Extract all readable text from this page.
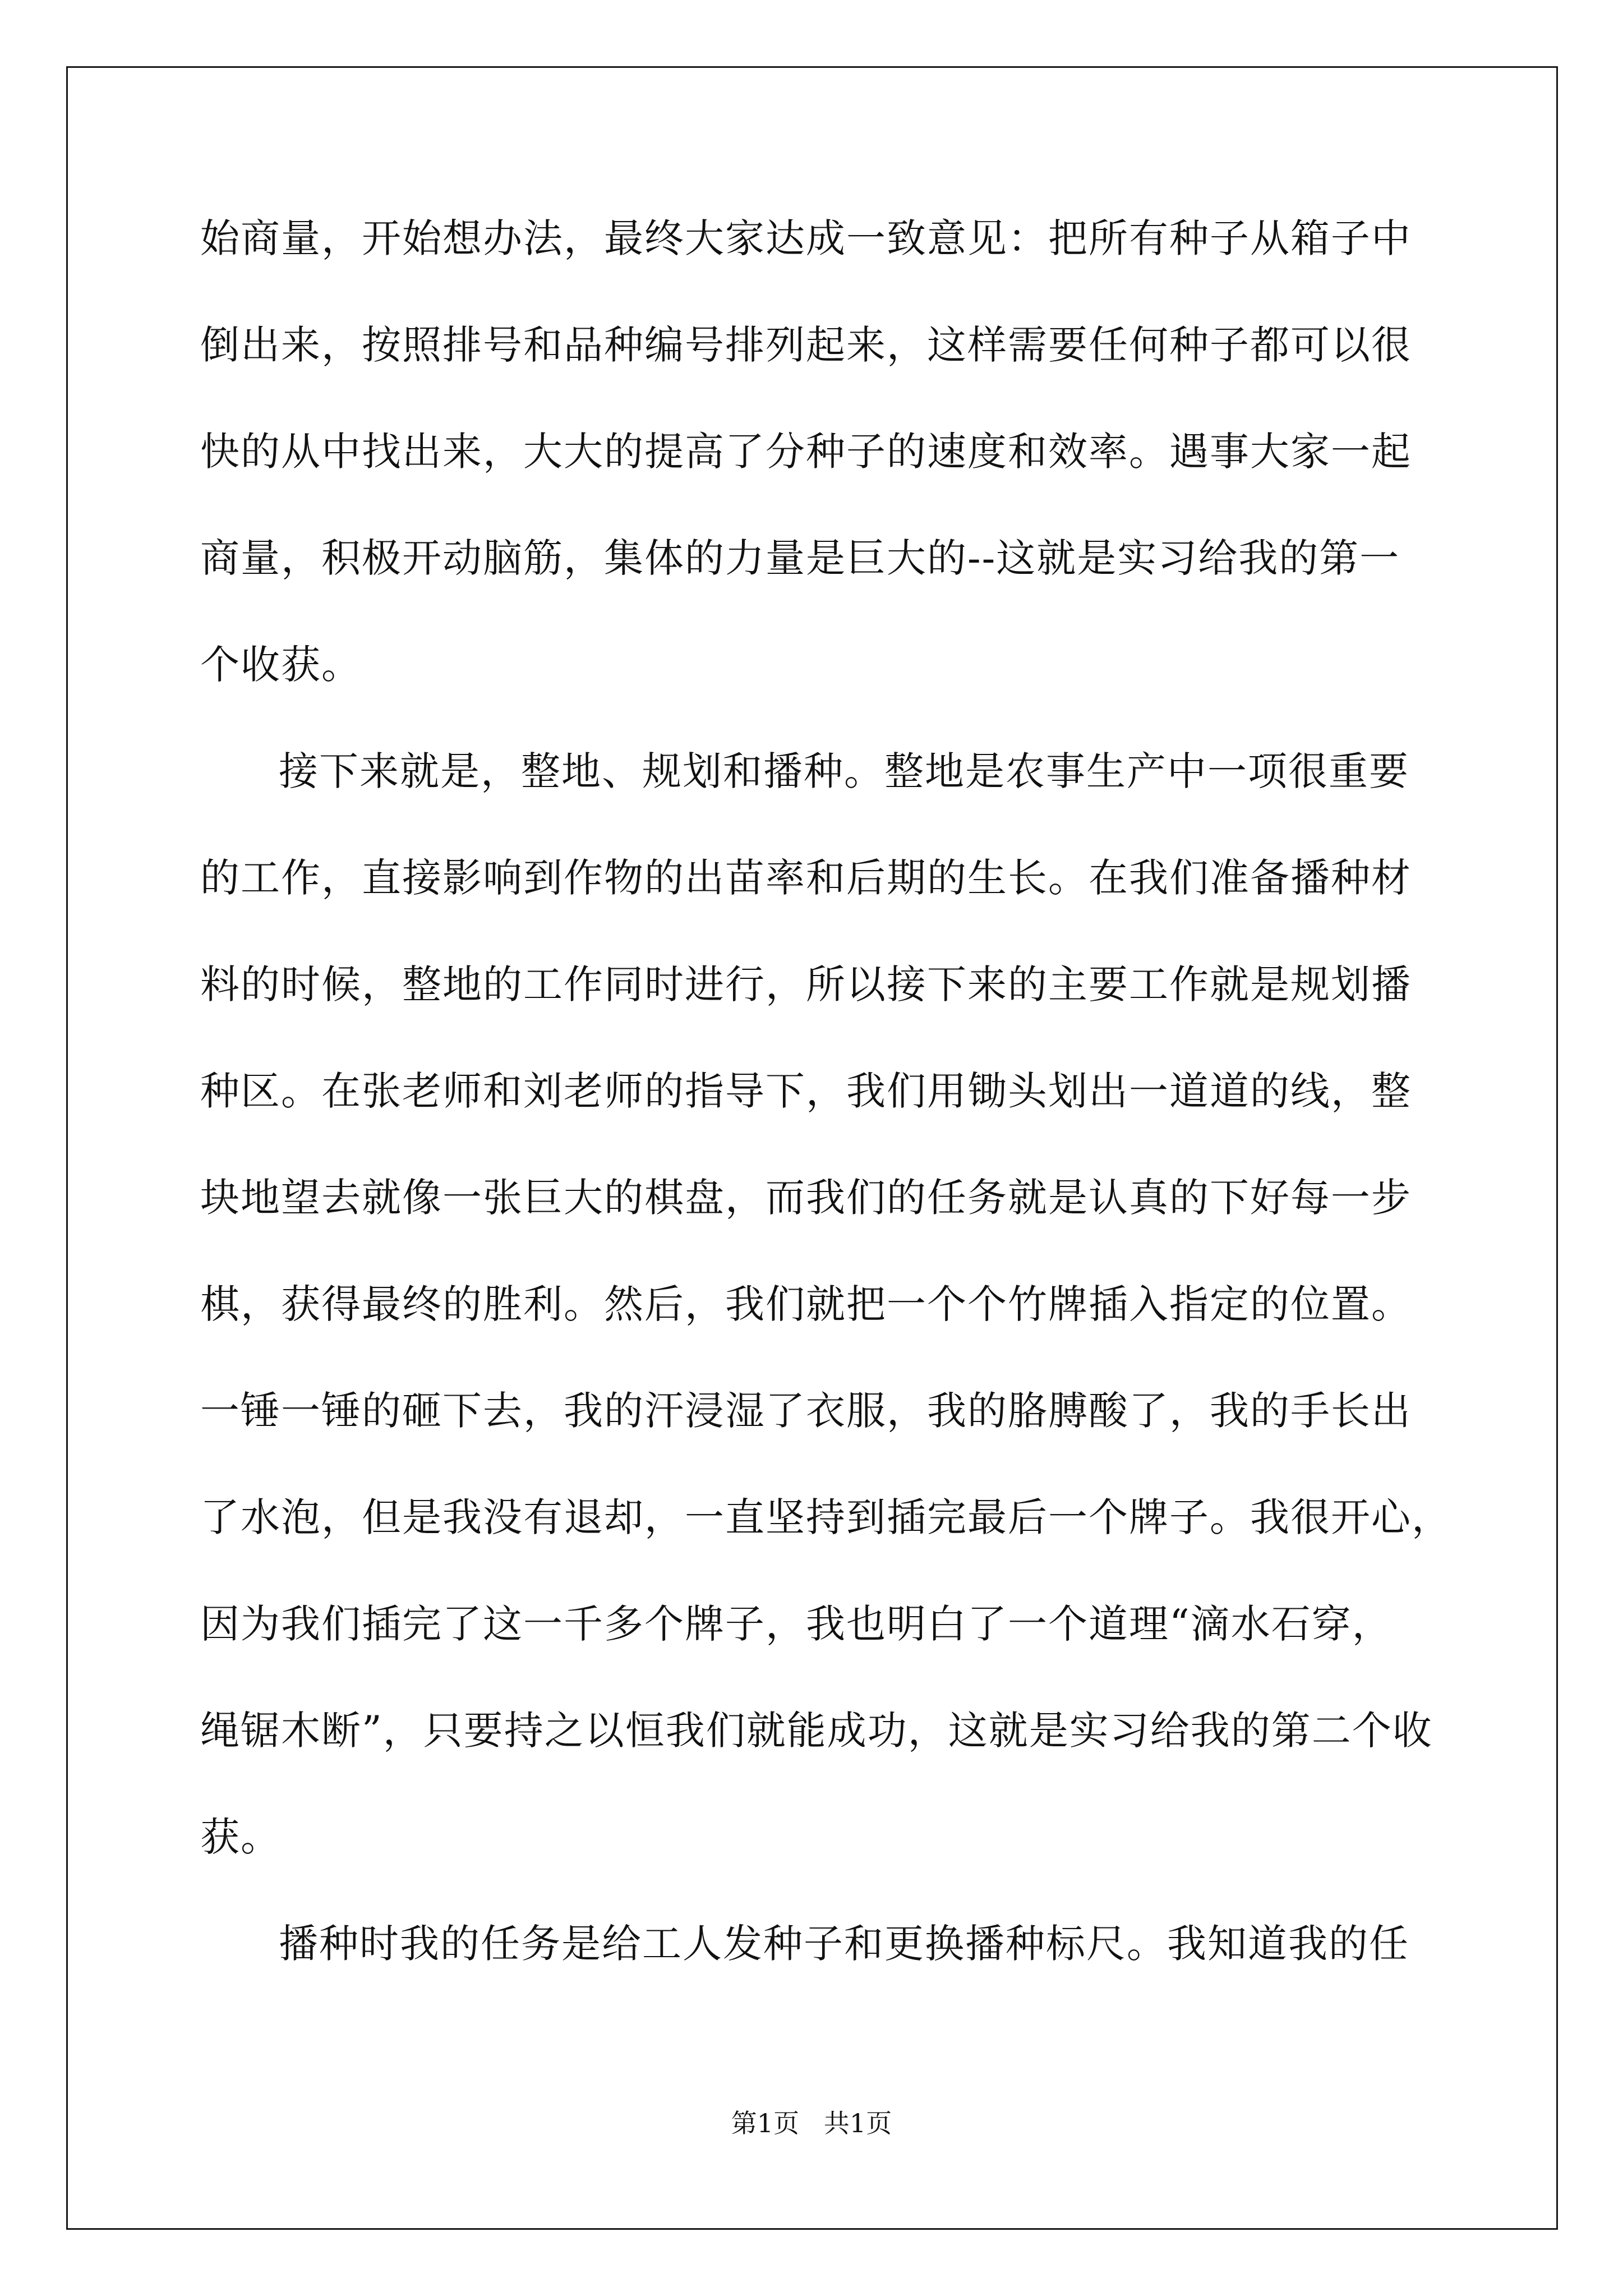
始商量，开始想办法，最终大家达成一致意见：把所有种子从箱子中
倒出来，按照排号和品种编号排列起来，这样需要任何种子都可以很
快的从中找出来，大大的提高了分种子的速度和效率。遇事大家一起
商量，积极开动脑筋，集体的力量是巨大的--这就是实习给我的第一
个收获。
接下来就是，整地、规划和播种。整地是农事生产中一项很重要
的工作，直接影响到作物的出苗率和后期的生长。在我们准备播种材
料的时候，整地的工作同时进行，所以接下来的主要工作就是规划播
种区。在张老师和刘老师的指导下，我们用锄头划出一道道的线，整
块地望去就像一张巨大的棋盘，而我们的任务就是认真的下好每一步
棋，获得最终的胜利。然后，我们就把一个个竹牌插入指定的位置。
一锤一锤的砸下去，我的汗浸湿了衣服，我的胳膊酸了，我的手长出
了水泡，但是我没有退却，一直坚持到插完最后一个牌子。我很开心，
因为我们插完了这一千多个牌子，我也明白了一个道理“滴水石穿，
绳锯木断”，只要持之以恒我们就能成功，这就是实习给我的第二个收
获。
播种时我的任务是给工人发种子和更换播种标尺。我知道我的任
第1页   共1页
